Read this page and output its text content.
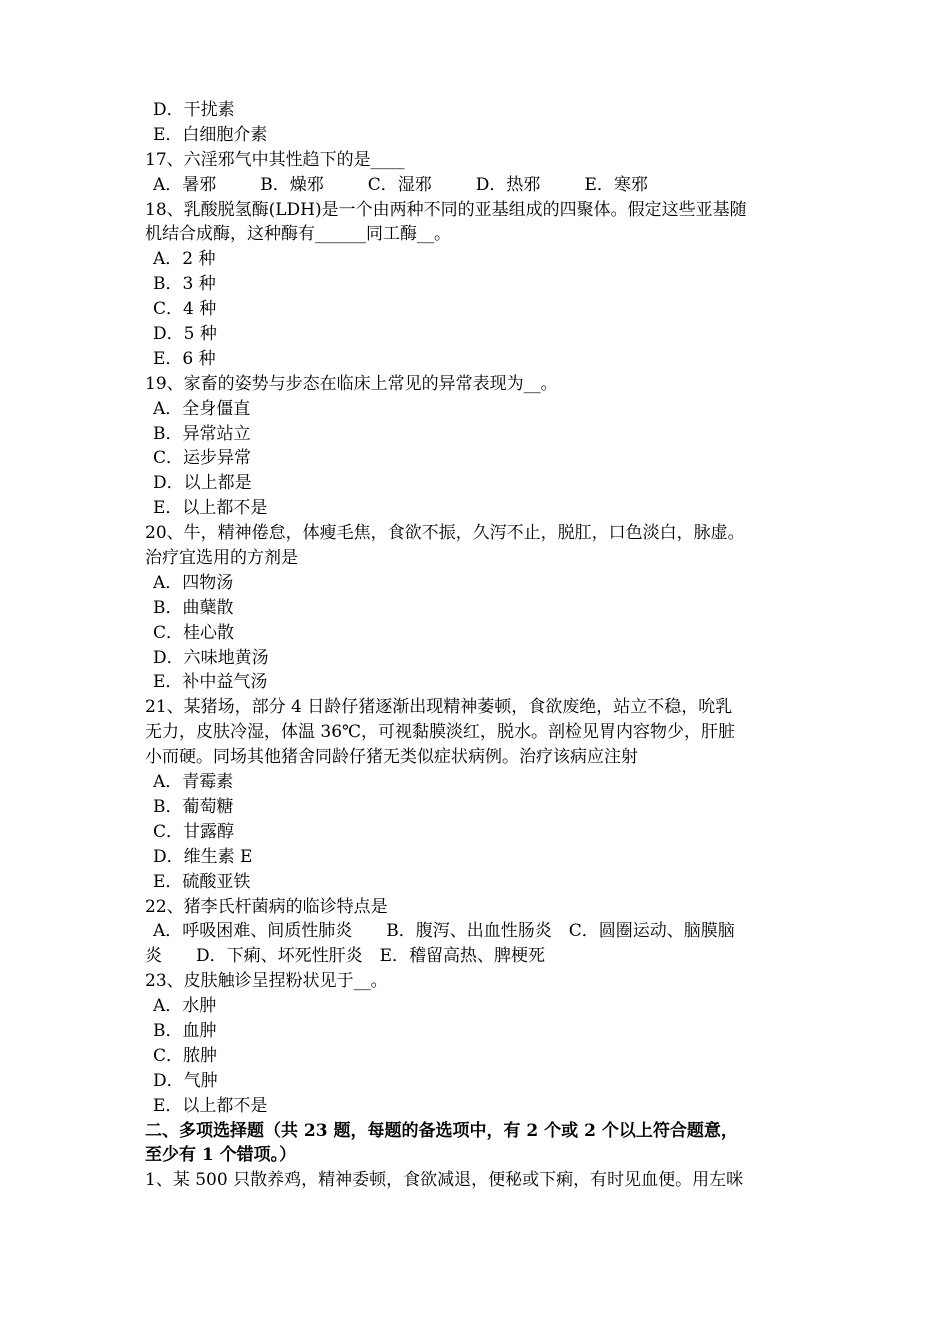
D．干扰素
E．白细胞介素
17、六淫邪气中其性趋下的是____
A．暑邪	B．燥邪	C．湿邪	D．热邪	E．寒邪
18、乳酸脱氢酶(LDH)是一个由两种不同的亚基组成的四聚体。假定这些亚基随
机结合成酶，这种酶有______同工酶__。
A．2 种
B．3 种
C．4 种
D．5 种
E．6 种
19、家畜的姿势与步态在临床上常见的异常表现为__。
A．全身僵直
B．异常站立
C．运步异常
D．以上都是
E．以上都不是
20、牛，精神倦怠，体瘦毛焦，食欲不振，久泻不止，脱肛，口色淡白，脉虚。
治疗宜选用的方剂是
A．四物汤
B．曲蘖散
C．桂心散
D．六味地黄汤
E．补中益气汤
21、某猪场，部分 4 日龄仔猪逐渐出现精神萎顿，食欲废绝，站立不稳，吮乳
无力，皮肤冷湿，体温 36℃，可视黏膜淡红，脱水。剖检见胃内容物少，肝脏
小而硬。同场其他猪舍同龄仔猪无类似症状病例。治疗该病应注射
A．青霉素
B．葡萄糖
C．甘露醇
D．维生素 E
E．硫酸亚铁
22、猪李氏杆菌病的临诊特点是
A．呼吸困难、间质性肺炎　　B．腹泻、出血性肠炎　C．圆圈运动、脑膜脑
炎　　D．下痢、坏死性肝炎　E．稽留高热、脾梗死
23、皮肤触诊呈捏粉状见于__。
A．水肿
B．血肿
C．脓肿
D．气肿
E．以上都不是
二、多项选择题（共 23 题，每题的备选项中，有 2 个或 2 个以上符合题意，
至少有 1 个错项。）
1、某 500 只散养鸡，精神委顿，食欲减退，便秘或下痢，有时见血便。用左咪
